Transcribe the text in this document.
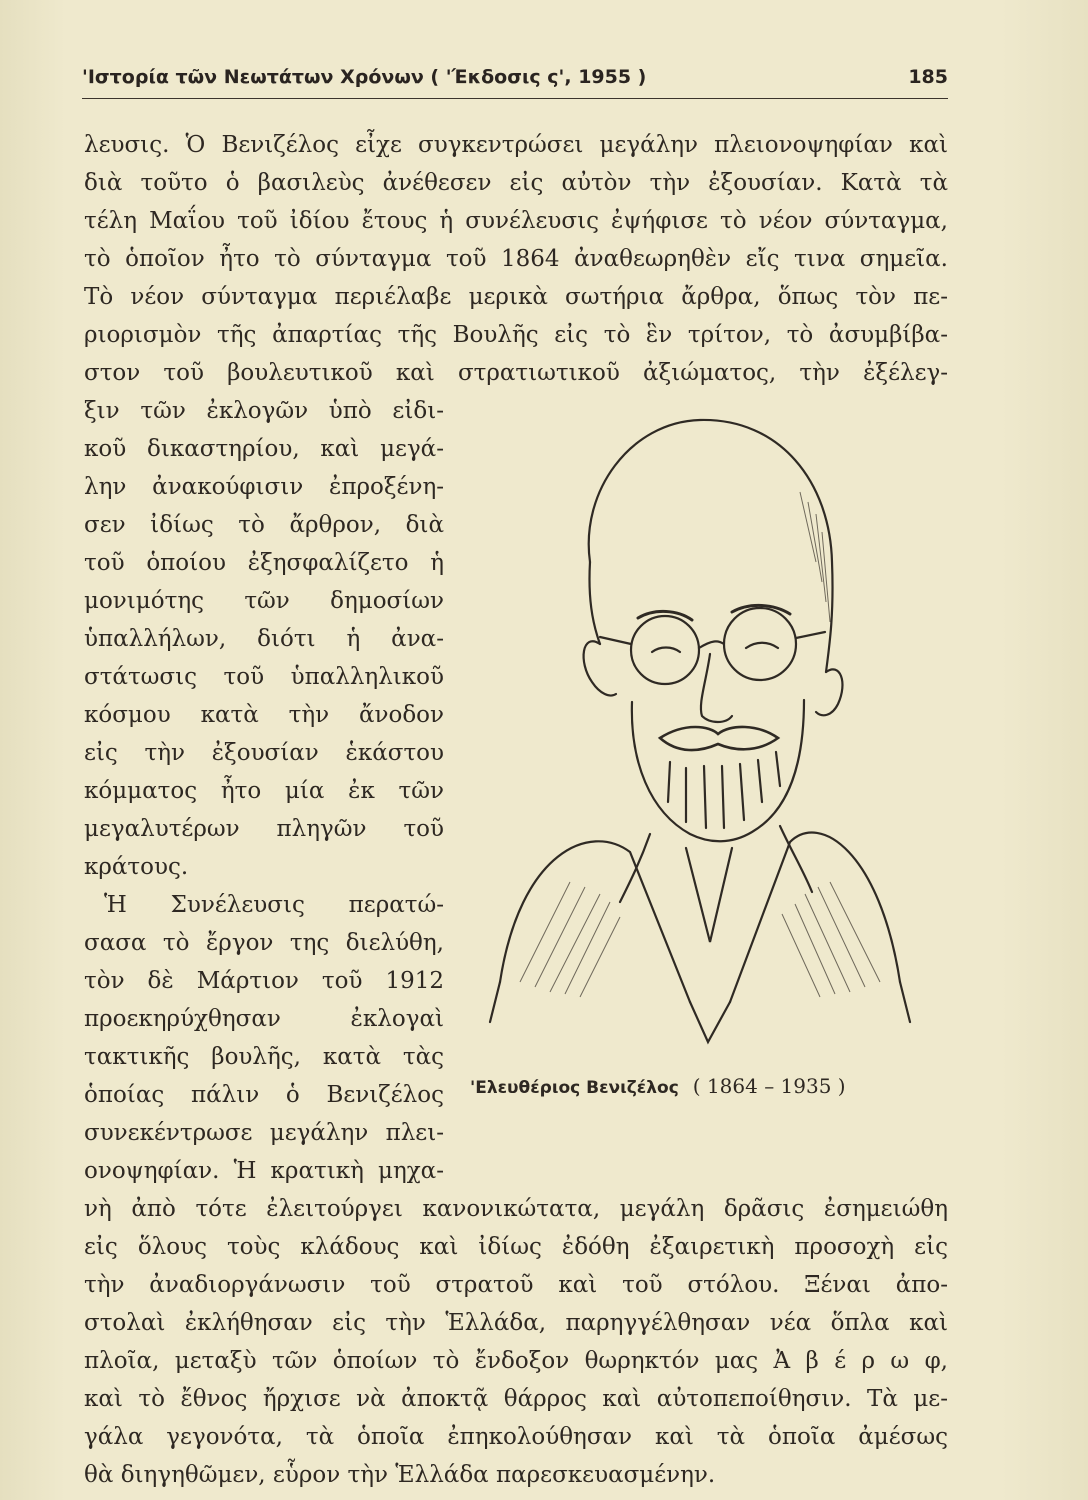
'Ιστορία τῶν Νεωτάτων Χρόνων ( 'Έκδοσις ς', 1955 )	185
λευσις. Ὁ Βενιζέλος εἶχε συγκεντρώσει μεγάλην πλειονοψηφίαν καὶ
διὰ τοῦτο ὁ βασιλεὺς ἀνέθεσεν εἰς αὐτὸν τὴν ἐξουσίαν. Κατὰ τὰ
τέλη Μαΐου τοῦ ἰδίου ἔτους ἡ συνέλευσις ἐψήφισε τὸ νέον σύνταγμα,
τὸ ὁποῖον ἦτο τὸ σύνταγμα τοῦ 1864 ἀναθεωρηθὲν εἴς τινα σημεῖα.
Τὸ νέον σύνταγμα περιέλαβε μερικὰ σωτήρια ἄρθρα, ὅπως τὸν πε-
ριορισμὸν τῆς ἀπαρτίας τῆς Βουλῆς εἰς τὸ ἓν τρίτον, τὸ ἀσυμβίβα-
στον τοῦ βουλευτικοῦ καὶ στρατιωτικοῦ ἀξιώματος, τὴν ἐξέλεγ-
ξιν τῶν ἐκλογῶν ὑπὸ εἰδι-
κοῦ δικαστηρίου, καὶ μεγά-
λην ἀνακούφισιν ἐπροξένη-
σεν ἰδίως τὸ ἄρθρον, διὰ
τοῦ ὁποίου ἐξησφαλίζετο ἡ
μονιμότης τῶν δημοσίων
ὑπαλλήλων, διότι ἡ ἀνα-
στάτωσις τοῦ ὑπαλληλικοῦ
κόσμου κατὰ τὴν ἄνοδον
εἰς τὴν ἐξουσίαν ἑκάστου
κόμματος ἦτο μία ἐκ τῶν
μεγαλυτέρων πληγῶν τοῦ
κράτους.
Ἡ Συνέλευσις περατώ-
σασα τὸ ἔργον της διελύθη,
τὸν δὲ Μάρτιον τοῦ 1912
προεκηρύχθησαν ἐκλογαὶ
τακτικῆς βουλῆς, κατὰ τὰς
ὁποίας πάλιν ὁ Βενιζέλος
συνεκέντρωσε μεγάλην πλει-
ονοψηφίαν. Ἡ κρατικὴ μηχα-
νὴ ἀπὸ τότε ἐλειτούργει κανονικώτατα, μεγάλη δρᾶσις ἐσημειώθη
εἰς ὅλους τοὺς κλάδους καὶ ἰδίως ἐδόθη ἐξαιρετικὴ προσοχὴ εἰς
τὴν ἀναδιοργάνωσιν τοῦ στρατοῦ καὶ τοῦ στόλου. Ξέναι ἀπο-
στολαὶ ἐκλήθησαν εἰς τὴν Ἑλλάδα, παρηγγέλθησαν νέα ὅπλα καὶ
πλοῖα, μεταξὺ τῶν ὁποίων τὸ ἔνδοξον θωρηκτόν μας Ἀ β έ ρ ω φ,
καὶ τὸ ἔθνος ἤρχισε νὰ ἀποκτᾷ θάρρος καὶ αὐτοπεποίθησιν. Τὰ με-
γάλα γεγονότα, τὰ ὁποῖα ἐπηκολούθησαν καὶ τὰ ὁποῖα ἀμέσως
θὰ διηγηθῶμεν, εὗρον τὴν Ἑλλάδα παρεσκευασμένην.
'Ελευθέριος Βενιζέλος ( 1864 – 1935 )
